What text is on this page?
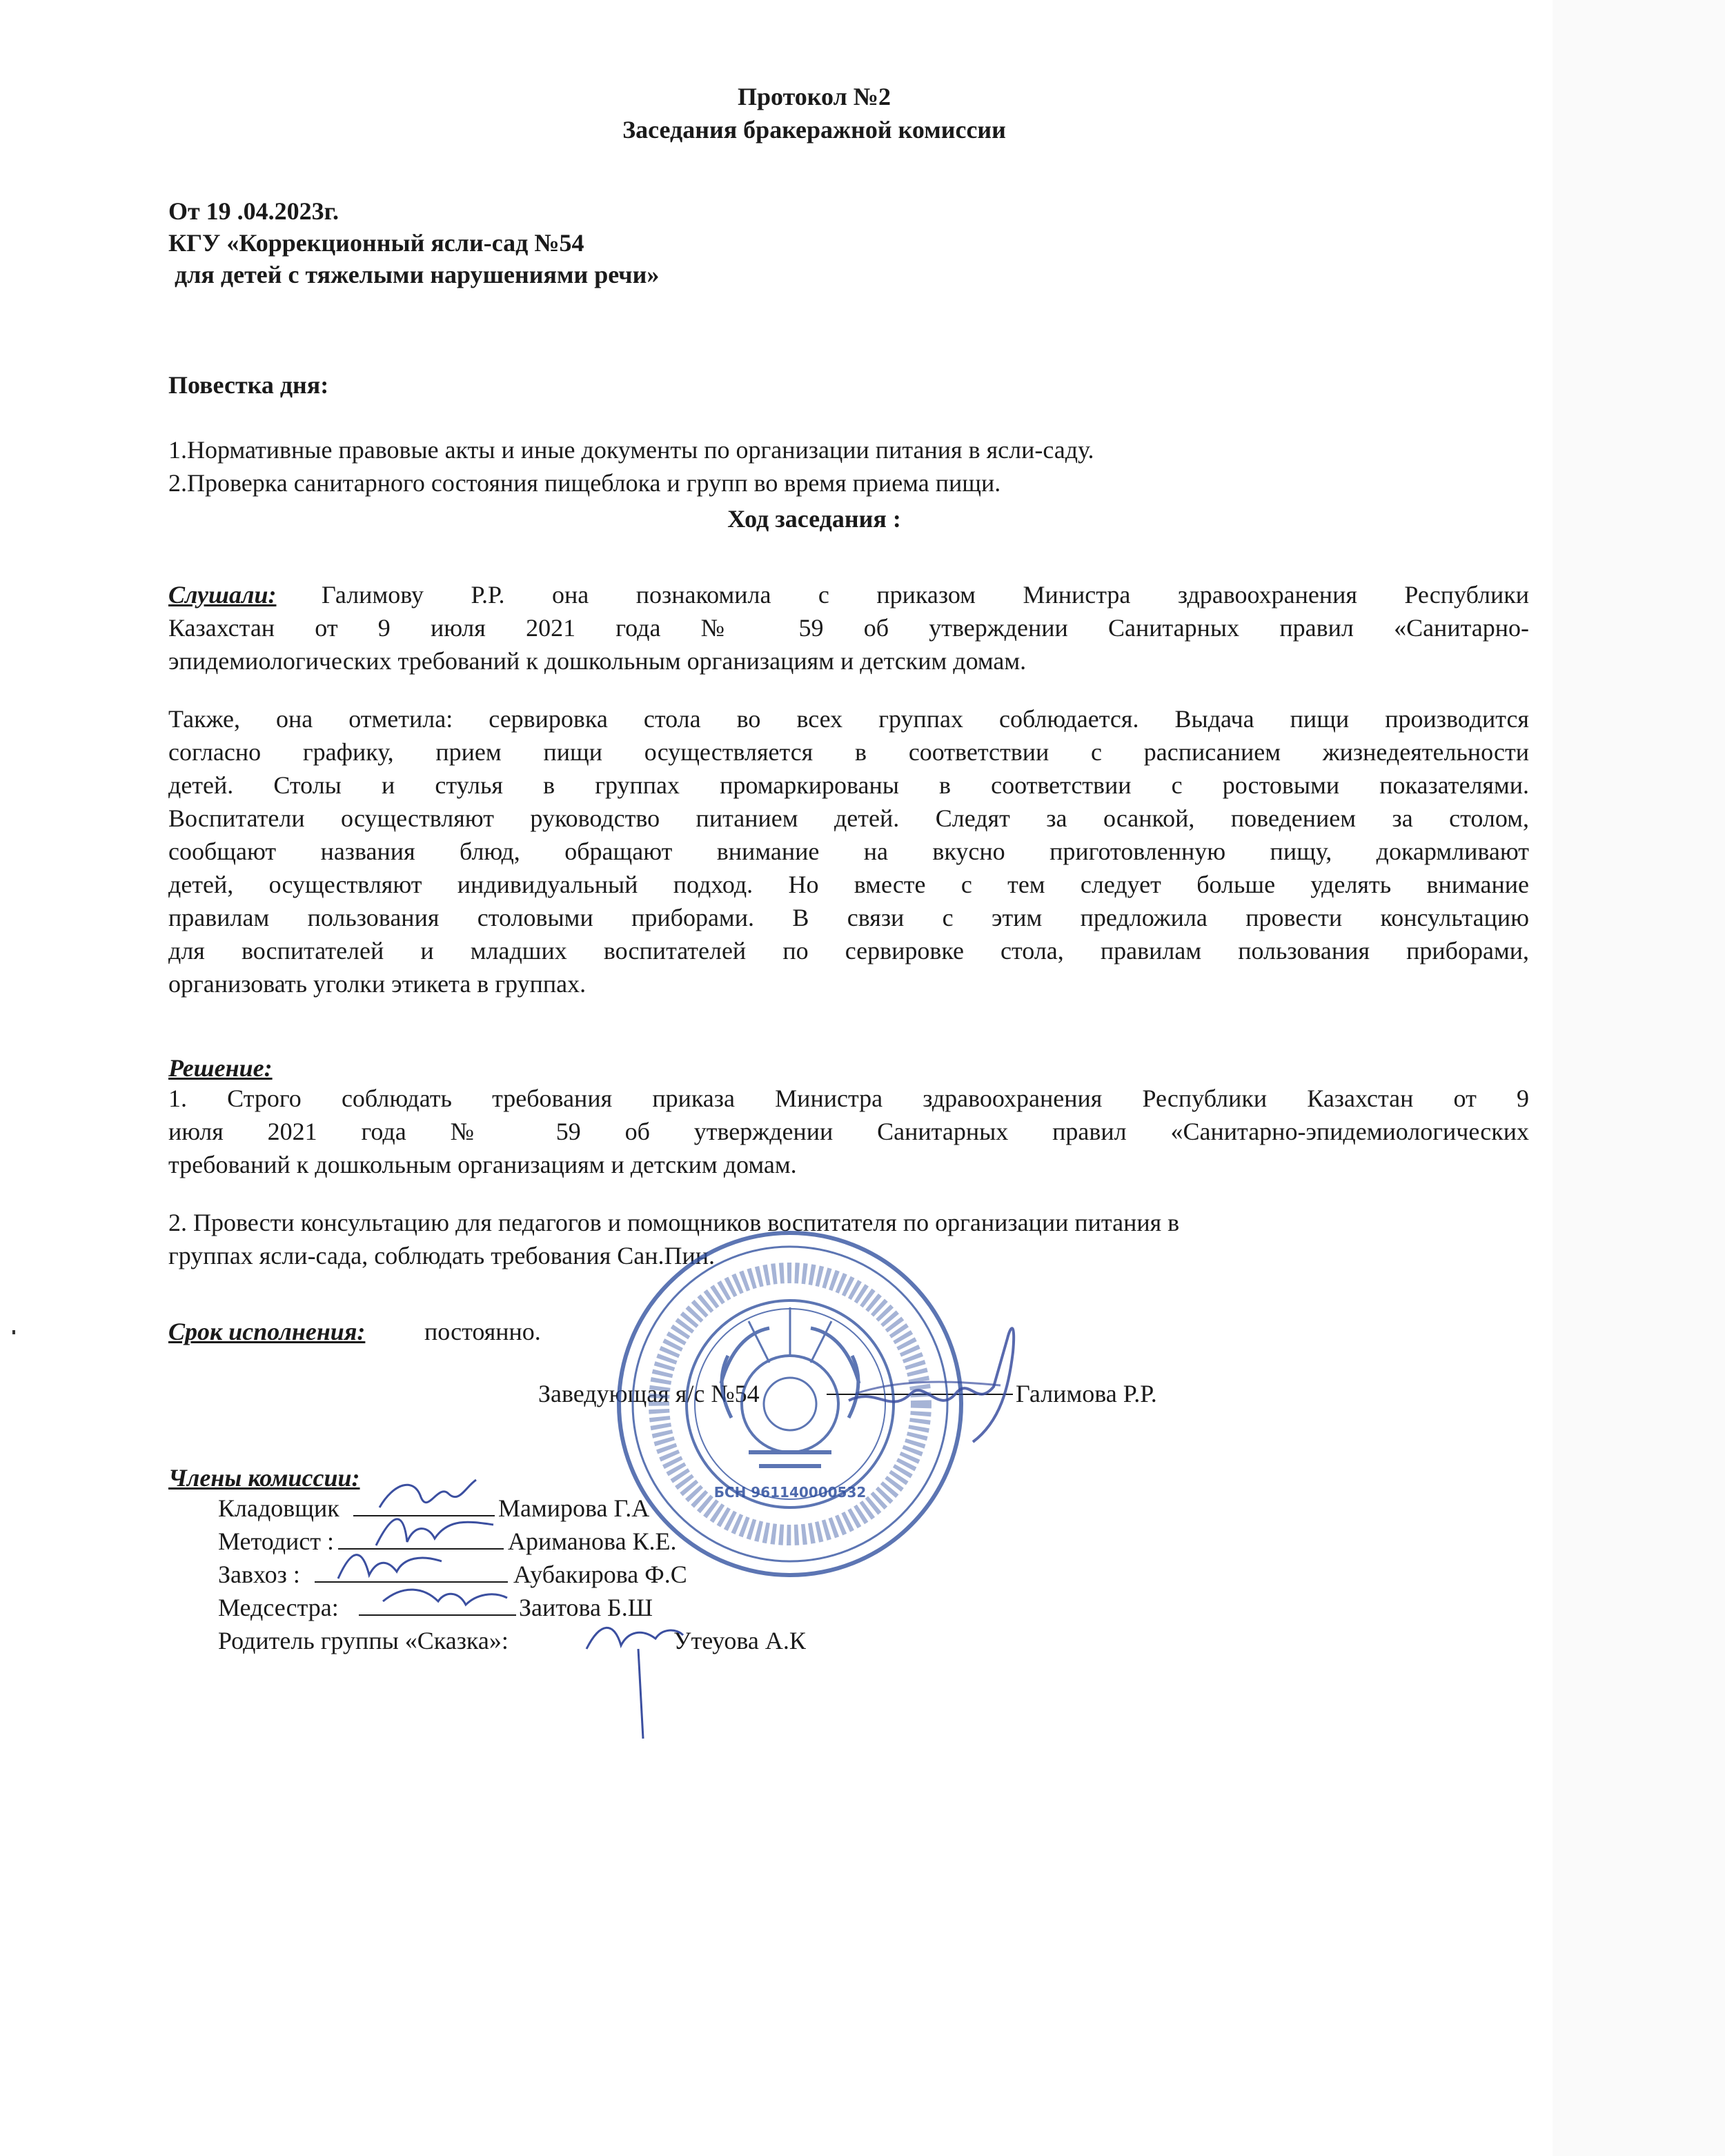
Протокол №2
Заседания бракеражной комиссии
От 19 .04.2023г.
КГУ «Коррекционный ясли-сад №54
для детей с тяжелыми нарушениями речи»
Повестка дня:
1.Нормативные правовые акты и иные документы по организации питания в ясли-саду.
2.Проверка санитарного состояния пищеблока и групп во время приема пищи.
Ход заседания :
Слушали: Галимову Р.Р. она познакомила с приказом Министра здравоохранения Республики
Казахстан от 9 июля 2021 года № 59 об утверждении Санитарных правил «Санитарно-
эпидемиологических требований к дошкольным организациям и детским домам.
Также, она отметила: сервировка стола во всех группах соблюдается. Выдача пищи производится
согласно графику, прием пищи осуществляется в соответствии с расписанием жизнедеятельности
детей. Столы и стулья в группах промаркированы в соответствии с ростовыми показателями.
Воспитатели осуществляют руководство питанием детей. Следят за осанкой, поведением за столом,
сообщают названия блюд, обращают внимание на вкусно приготовленную пищу, докармливают
детей, осуществляют индивидуальный подход. Но вместе с тем следует больше уделять внимание
правилам пользования столовыми приборами. В связи с этим предложила провести консультацию
для воспитателей и младших воспитателей по сервировке стола, правилам пользования приборами,
организовать уголки этикета в группах.
Решение:
1. Строго соблюдать требования приказа Министра здравоохранения Республики Казахстан от 9
июля 2021 года № 59 об утверждении Санитарных правил «Санитарно-эпидемиологических
требований к дошкольным организациям и детским домам.
2. Провести консультацию для педагогов и помощников воспитателя по организации питания в
группах ясли-сада, соблюдать требования Сан.Пин.
Срок исполнения: постоянно.
Заведующая я/с №54	Галимова Р.Р.
Члены комиссии:
Кладовщик	Мамирова Г.А
Методист :	Ариманова К.Е.
Завхоз :	Аубакирова Ф.С
Медсестра:	Заитова Б.Ш
Родитель группы «Сказка»:	Утеуова А.К
БСН 961140000532
